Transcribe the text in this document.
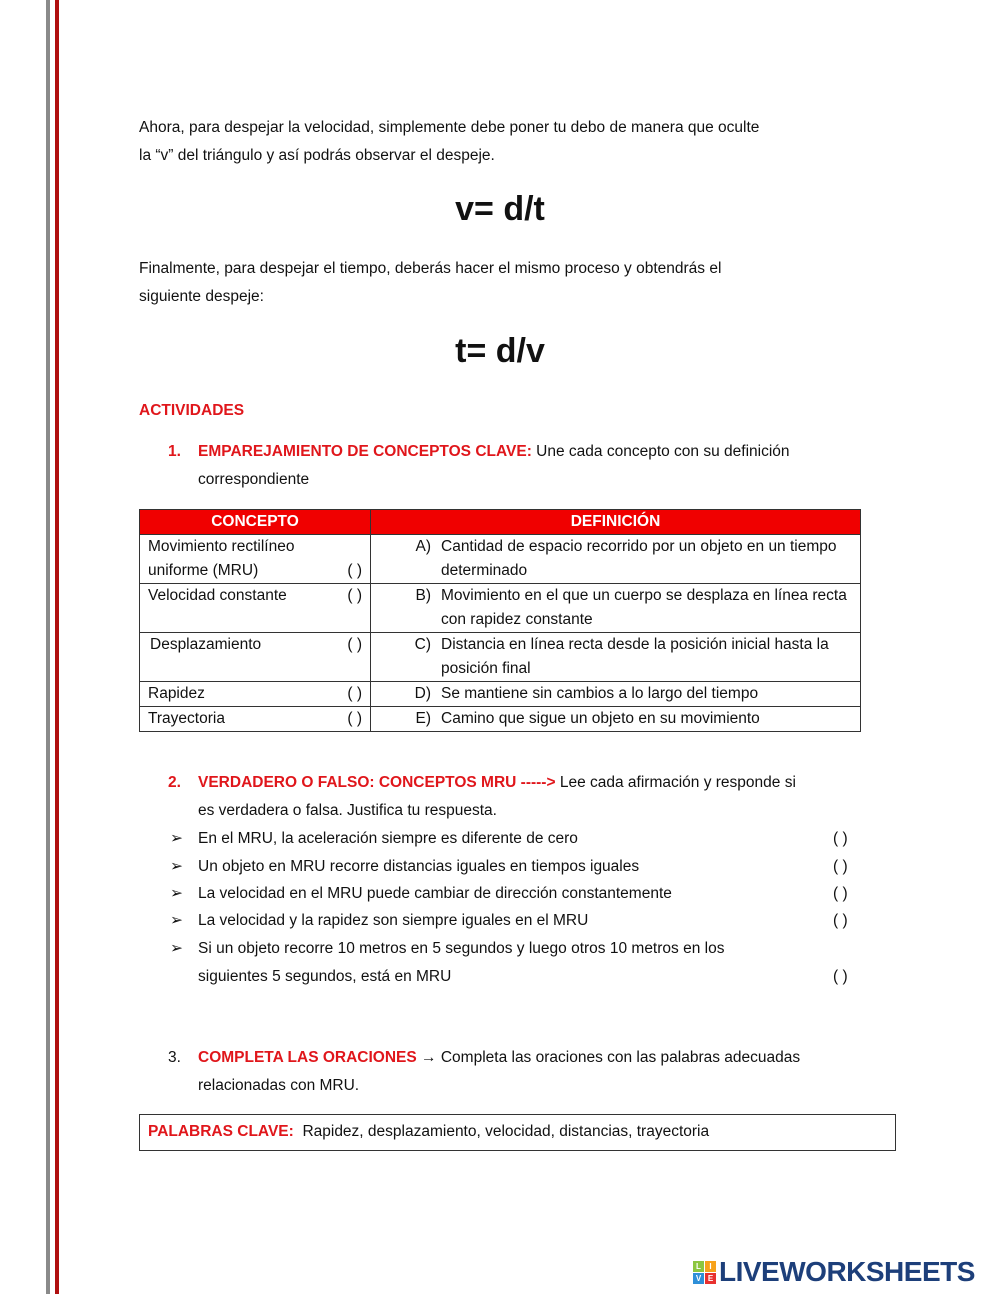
Ahora, para despejar la velocidad, simplemente debe poner tu debo de manera que oculte
la “v” del triángulo y así podrás observar el despeje.
v= d/t
Finalmente, para despejar el tiempo, deberás hacer el mismo proceso y obtendrás el
siguiente despeje:
t= d/v
ACTIVIDADES
1. EMPAREJAMIENTO DE CONCEPTOS CLAVE: Une cada concepto con su definición
correspondiente
CONCEPTO	DEFINICIÓN
Movimiento rectilíneo uniforme (MRU) ( )	A) Cantidad de espacio recorrido por un objeto en un tiempo determinado
Velocidad constante ( )	B) Movimiento en el que un cuerpo se desplaza en línea recta con rapidez constante
Desplazamiento ( )	C) Distancia en línea recta desde la posición inicial hasta la posición final
Rapidez ( )	D) Se mantiene sin cambios a lo largo del tiempo
Trayectoria ( )	E) Camino que sigue un objeto en su movimiento
2. VERDADERO O FALSO: CONCEPTOS MRU -----> Lee cada afirmación y responde si
es verdadera o falsa. Justifica tu respuesta.
➢ En el MRU, la aceleración siempre es diferente de cero	( )
➢ Un objeto en MRU recorre distancias iguales en tiempos iguales	( )
➢ La velocidad en el MRU puede cambiar de dirección constantemente	( )
➢ La velocidad y la rapidez son siempre iguales en el MRU	( )
➢ Si un objeto recorre 10 metros en 5 segundos y luego otros 10 metros en los
siguientes 5 segundos, está en MRU	( )
3. COMPLETA LAS ORACIONES → Completa las oraciones con las palabras adecuadas
relacionadas con MRU.
PALABRAS CLAVE: Rapidez, desplazamiento, velocidad, distancias, trayectoria
L	I
V E LIVEWORKSHEETS
